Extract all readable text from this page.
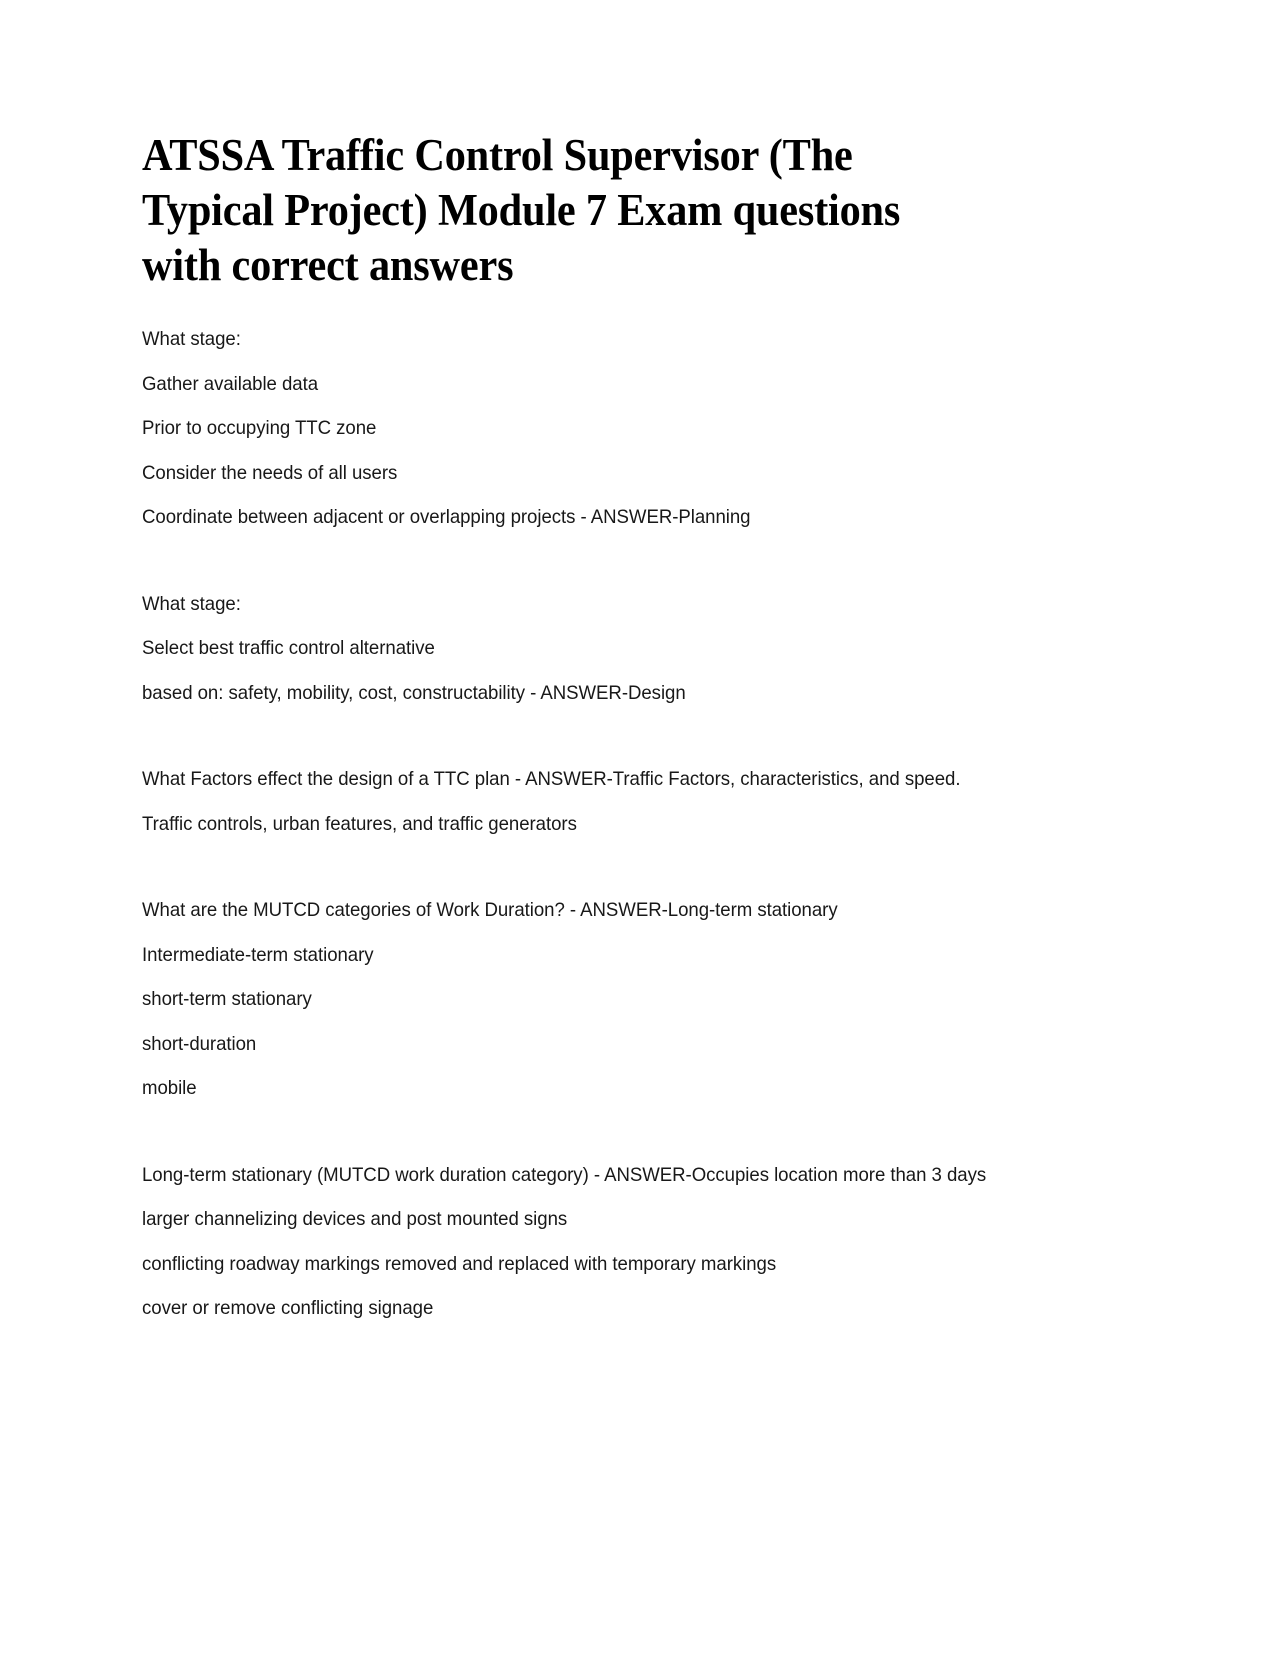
ATSSA Traffic Control Supervisor (The Typical Project) Module 7 Exam questions with correct answers
What stage:
Gather available data
Prior to occupying TTC zone
Consider the needs of all users
Coordinate between adjacent or overlapping projects - ANSWER-Planning
What stage:
Select best traffic control alternative
based on: safety, mobility, cost, constructability - ANSWER-Design
What Factors effect the design of a TTC plan - ANSWER-Traffic Factors, characteristics, and speed.
Traffic controls, urban features, and traffic generators
What are the MUTCD categories of Work Duration? - ANSWER-Long-term stationary
Intermediate-term stationary
short-term stationary
short-duration
mobile
Long-term stationary (MUTCD work duration category) - ANSWER-Occupies location more than 3 days
larger channelizing devices and post mounted signs
conflicting roadway markings removed and replaced with temporary markings
cover or remove conflicting signage
